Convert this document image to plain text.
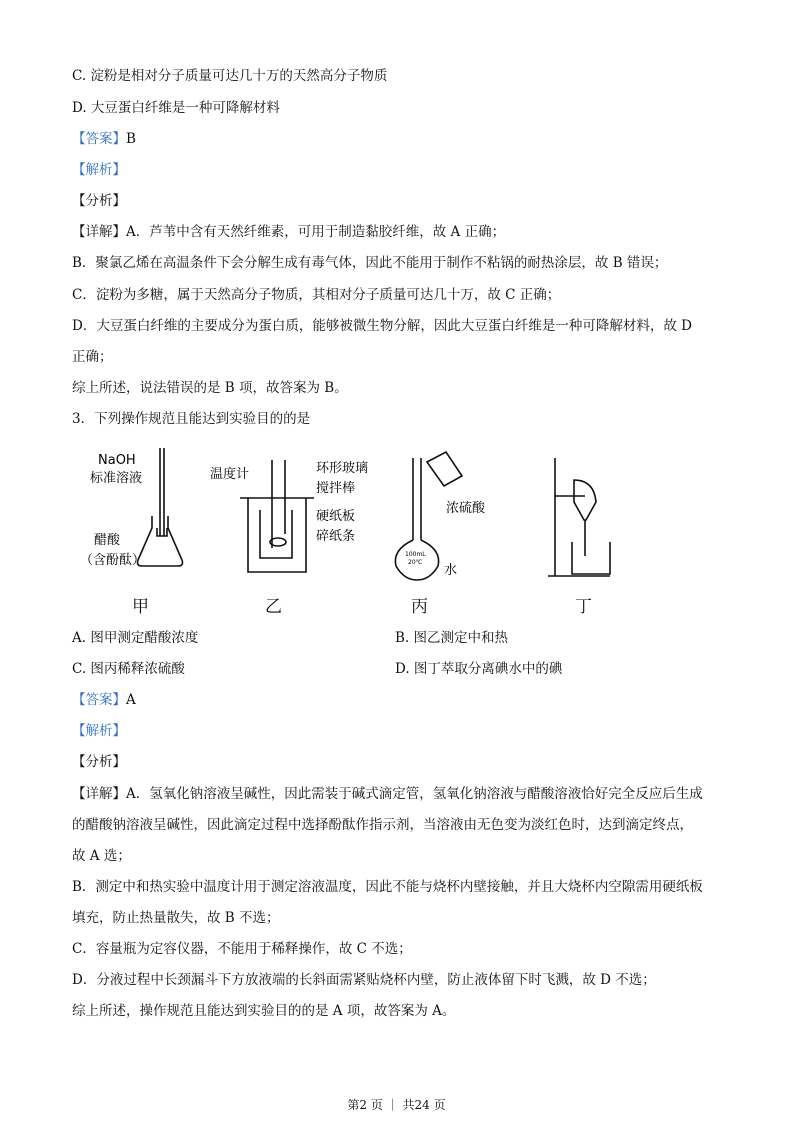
C. 淀粉是相对分子质量可达几十万的天然高分子物质
D. 大豆蛋白纤维是一种可降解材料
【答案】B
【解析】
【分析】
【详解】A．芦苇中含有天然纤维素，可用于制造黏胶纤维，故 A 正确；
B．聚氯乙烯在高温条件下会分解生成有毒气体，因此不能用于制作不粘锅的耐热涂层，故 B 错误；
C．淀粉为多糖，属于天然高分子物质，其相对分子质量可达几十万，故 C 正确；
D．大豆蛋白纤维的主要成分为蛋白质，能够被微生物分解，因此大豆蛋白纤维是一种可降解材料，故 D
正确；
综上所述，说法错误的是 B 项，故答案为 B。
3．下列操作规范且能达到实验目的的是
NaOH
标准溶液
醋酸
（含酚酞）
温度计	环形玻璃
搅拌棒
硬纸板
碎纸条
浓硫酸
水
100mL
20℃
甲	乙	丙	丁
A. 图甲测定醋酸浓度	B. 图乙测定中和热
C. 图丙稀释浓硫酸	D. 图丁萃取分离碘水中的碘
【答案】A
【解析】
【分析】
【详解】A．氢氧化钠溶液呈碱性，因此需装于碱式滴定管，氢氧化钠溶液与醋酸溶液恰好完全反应后生成
的醋酸钠溶液呈碱性，因此滴定过程中选择酚酞作指示剂，当溶液由无色变为淡红色时，达到滴定终点，
故 A 选；
B．测定中和热实验中温度计用于测定溶液温度，因此不能与烧杯内壁接触，并且大烧杯内空隙需用硬纸板
填充，防止热量散失，故 B 不选；
C．容量瓶为定容仪器，不能用于稀释操作，故 C 不选；
D．分液过程中长颈漏斗下方放液端的长斜面需紧贴烧杯内壁，防止液体留下时飞溅，故 D 不选；
综上所述，操作规范且能达到实验目的的是 A 项，故答案为 A。
第2 页 ｜ 共24 页
